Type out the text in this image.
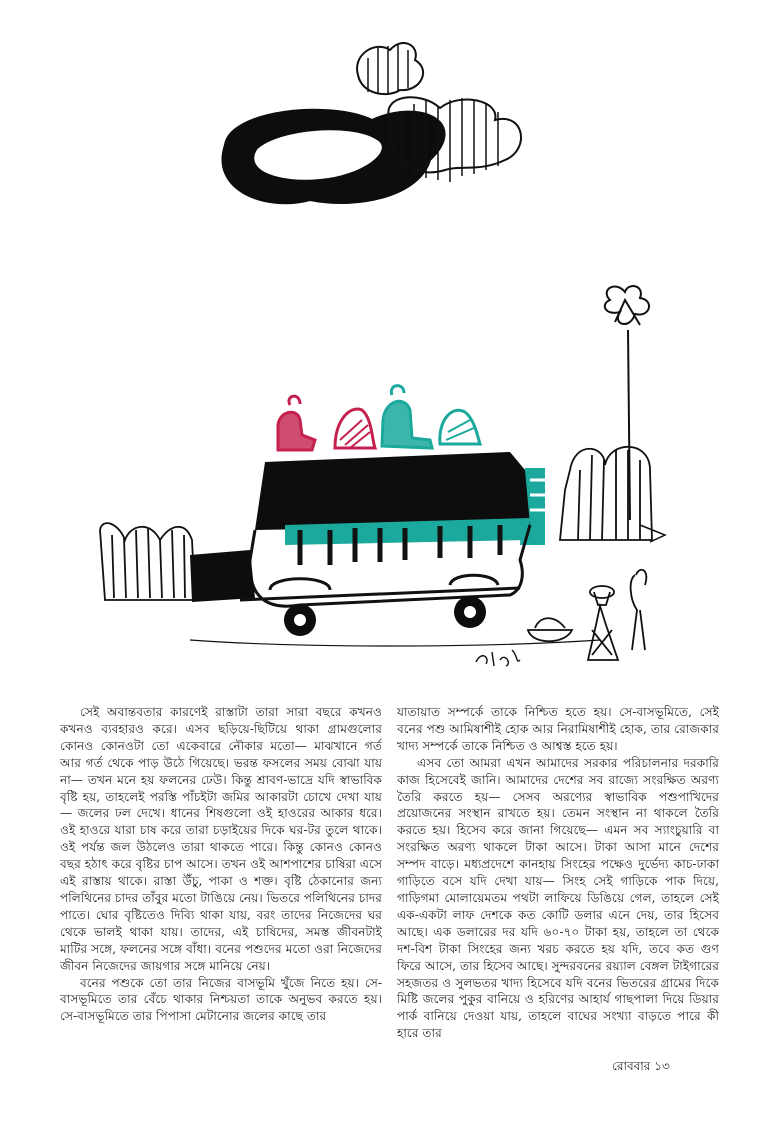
সেই অবান্তবতার কারণেই রাস্তাটা তারা সারা বছরে কখনও কখনও ব্যবহারও করে। এসব ছড়িয়ে-ছিটিয়ে থাকা গ্রামগুলোর কোনও কোনওটা তো একেবারে নৌকার মতো— মাঝখানে গর্ত আর গর্ত থেকে পাড় উঠে গিয়েছে। ভরন্ত ফসলের সময় বোঝা যায় না— তখন মনে হয় ফলনের ঢেউ। কিন্তু শ্রাবণ-ভাদ্রে যদি স্বাভাবিক বৃষ্টি হয়, তাহলেই পরস্তি পাঁচইটা জমির আকারটা চোখে দেখা যায়— জলের ঢল দেখে। ধানের শিষগুলো ওই হাওরের আকার ধরে। ওই হাওরে যারা চাষ করে তারা চড়াইয়ের দিকে ঘর-টর তুলে থাকে। ওই পর্যন্ত জল উঠলেও তারা থাকতে পারে। কিন্তু কোনও কোনও বছর হঠাৎ করে বৃষ্টির চাপ আসে। তখন ওই আশপাশের চাষিরা এসে এই রাস্তায় থাকে। রাস্তা উঁচু, পাকা ও শক্ত। বৃষ্টি ঠেকানোর জন্য পলিথিনের চাদর তাঁবুর মতো টাঙিয়ে নেয়। ভিতরে পলিথিনের চাদর পাতে। ঘোর বৃষ্টিতেও দিব্যি থাকা যায়, বরং তাদের নিজেদের ঘর থেকে ভালই থাকা যায়। তাদের, এই চাষিদের, সমস্ত জীবনটাই মাটির সঙ্গে, ফলনের সঙ্গে বাঁধা। বনের পশুদের মতো ওরা নিজেদের জীবন নিজেদের জায়গার সঙ্গে মানিয়ে নেয়।

বনের পশুকে তো তার নিজের বাসভূমি খুঁজে নিতে হয়। সে-বাসভূমিতে তার বেঁচে থাকার নিশ্চয়তা তাকে অনুভব করতে হয়। সে-বাসভূমিতে তার পিপাসা মেটানোর জলের কাছে তার

যাতায়াত সম্পর্কে তাকে নিশ্চিত হতে হয়। সে-বাসভূমিতে, সেই বনের পশু আমিষাশীই হোক আর নিরামিষাশীই হোক, তার রোজকার খাদ্য সম্পর্কে তাকে নিশ্চিত ও আশ্বস্ত হতে হয়।

এসব তো আমরা এখন আমাদের সরকার পরিচালনার দরকারি কাজ হিসেবেই জানি। আমাদের দেশের সব রাজ্যে সংরক্ষিত অরণ্য তৈরি করতে হয়— সেসব অরণ্যের স্বাভাবিক পশুপাখিদের প্রয়োজনের সংস্থান রাখতে হয়। তেমন সংস্থান না থাকলে তৈরি করতে হয়। হিসেব করে জানা গিয়েছে— এমন সব স্যাংচুয়ারি বা সংরক্ষিত অরণ্য থাকলে টাকা আসে। টাকা আসা মানে দেশের সম্পদ বাড়ে। মধ্যপ্রদেশে কানহায় সিংহের পক্ষেও দুর্ভেদ্য কাচ-ঢাকা গাড়িতে বসে যদি দেখা যায়— সিংহ সেই গাড়িকে পাক দিয়ে, গাড়িগমা মোলায়েমতম পথটা লাফিয়ে ডিঙিয়ে গেল, তাহলে সেই এক-একটা লাফ দেশকে কত কোটি ডলার এনে দেয়, তার হিসেব আছে। এক ডলারের দর যদি ৬০-৭০ টাকা হয়, তাহলে তা থেকে দশ-বিশ টাকা সিংহের জন্য খরচ করতে হয় যদি, তবে কত গুণ ফিরে আসে, তার হিসেব আছে। সুন্দরবনের রয়্যাল বেঙ্গল টাইগারের সহজতর ও সুলভতর খাদ্য হিসেবে যদি বনের ভিতরের গ্রামের দিকে মিষ্টি জলের পুকুর বানিয়ে ও হরিণের আহার্য গাছপালা দিয়ে ডিয়ার পার্ক বানিয়ে দেওয়া যায়, তাহলে বাঘের সংখ্যা বাড়তে পারে কী হারে তার

রোববার ১৩
